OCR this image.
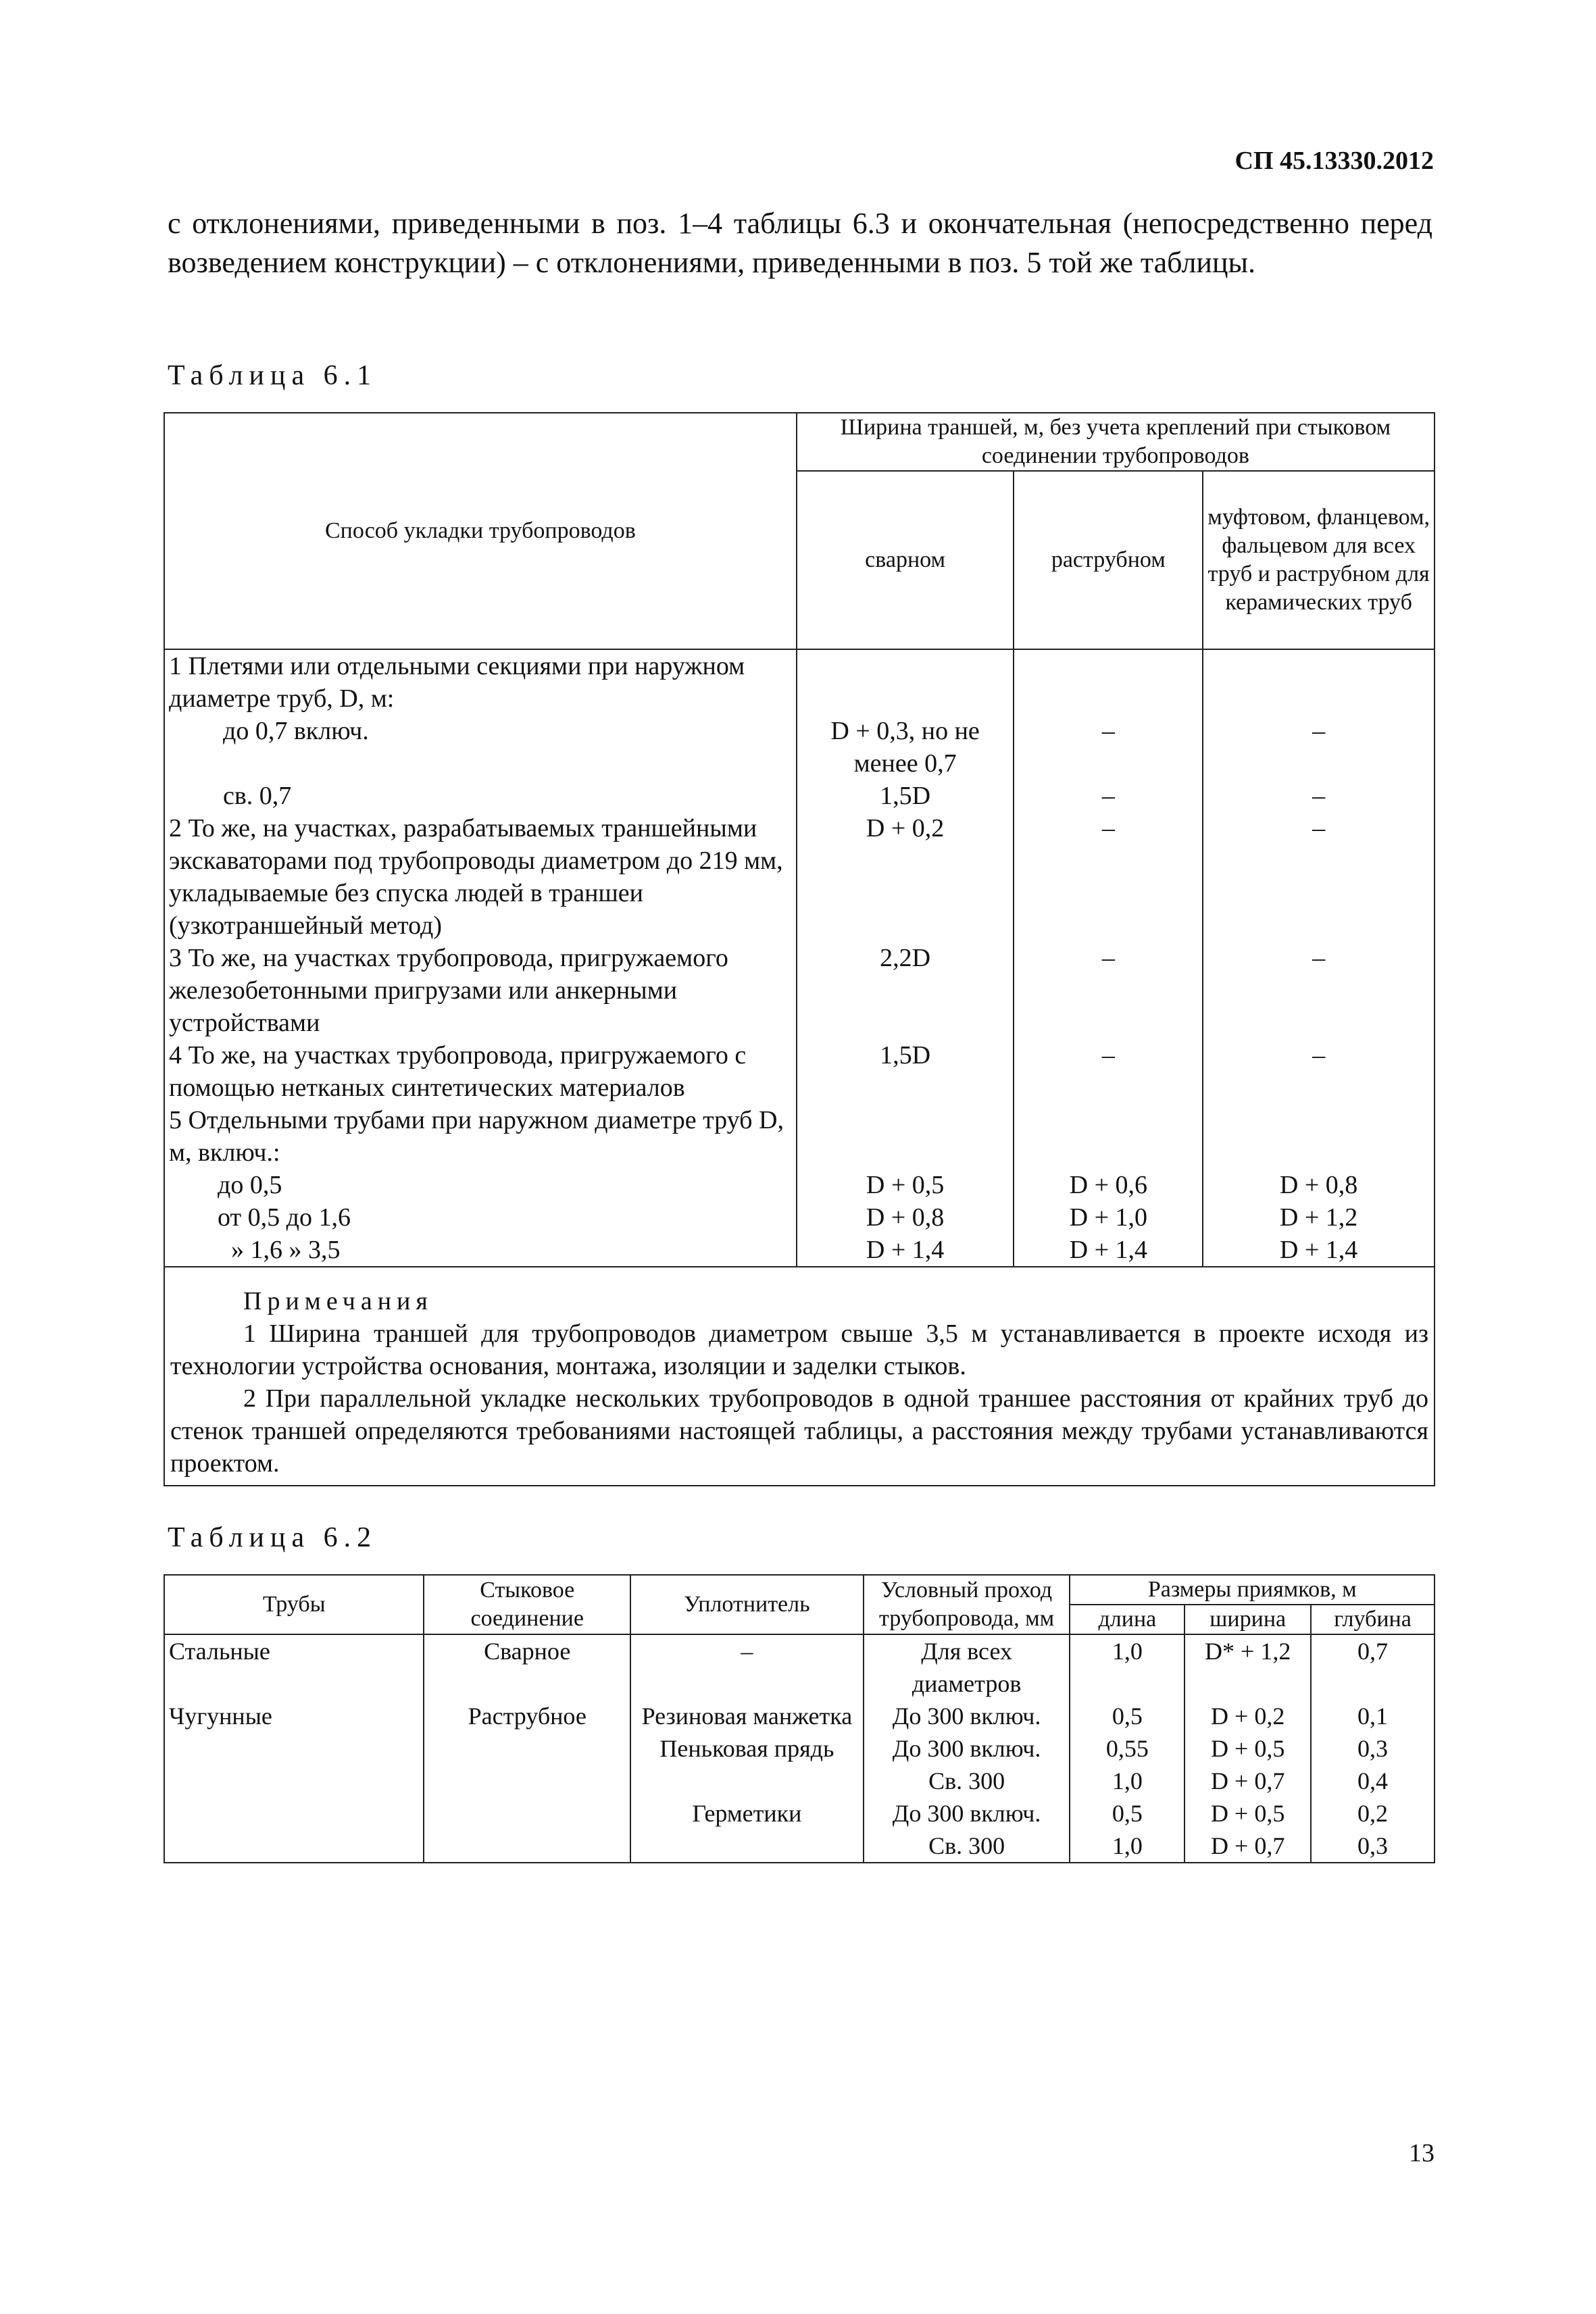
СП 45.13330.2012

с отклонениями, приведенными в поз. 1–4 таблицы 6.3 и окончательная (непосредственно перед возведением конструкции) – с отклонениями, приведенными в поз. 5 той же таблицы.

Таблица 6.1
Способ укладки трубопроводов	Ширина траншей, м, без учета креплений при стыковом соединении трубопроводов		
	сварном	раструбном	муфтовом, фланцевом, фальцевом для всех труб и раструбном для керамических труб
1 Плетями или отдельными секциями при наружном диаметре труб, D, м:			

до 0,7 включ.	D + 0,3, но не менее 0,7	–	–

св. 0,7	1,5D	–	–
2 То же, на участках, разрабатываемых траншейными экскаваторами под трубопроводы диаметром до 219 мм, укладываемые без спуска людей в траншеи (узкотраншейный метод)	D + 0,2	–	–
3 То же, на участках трубопровода, пригружаемого железобетонными пригрузами или анкерными устройствами	2,2D	–	–
4 То же, на участках трубопровода, пригружаемого с помощью нетканых синтетических материалов	1,5D	–	–
5 Отдельными трубами при наружном диаметре труб D, м, включ.:			

до 0,5	D + 0,5	D + 0,6	D + 0,8

от 0,5 до 1,6	D + 0,8	D + 1,0	D + 1,2

» 1,6 » 3,5	D + 1,4	D + 1,4	D + 1,4

Примечания
1 Ширина траншей для трубопроводов диаметром свыше 3,5 м устанавливается в проекте исходя из технологии устройства основания, монтажа, изоляции и заделки стыков.
2 При параллельной укладке нескольких трубопроводов в одной траншее расстояния от крайних труб до стенок траншей определяются требованиями настоящей таблицы, а расстояния между трубами устанавливаются проектом.			
Таблица 6.2
Трубы	Стыковое соединение	Уплотнитель	Условный проход трубопровода, мм	Размеры приямков, м		
				длина	ширина	глубина
Стальные	Сварное	–	Для всех диаметров	1,0	D* + 1,2	0,7
Чугунные	Раструбное	Резиновая манжетка	До 300 включ.	0,5	D + 0,2	0,1
		Пеньковая прядь	До 300 включ.	0,55	D + 0,5	0,3
			Св. 300	1,0	D + 0,7	0,4
		Герметики	До 300 включ.	0,5	D + 0,5	0,2
			Св. 300	1,0	D + 0,7	0,3
13
